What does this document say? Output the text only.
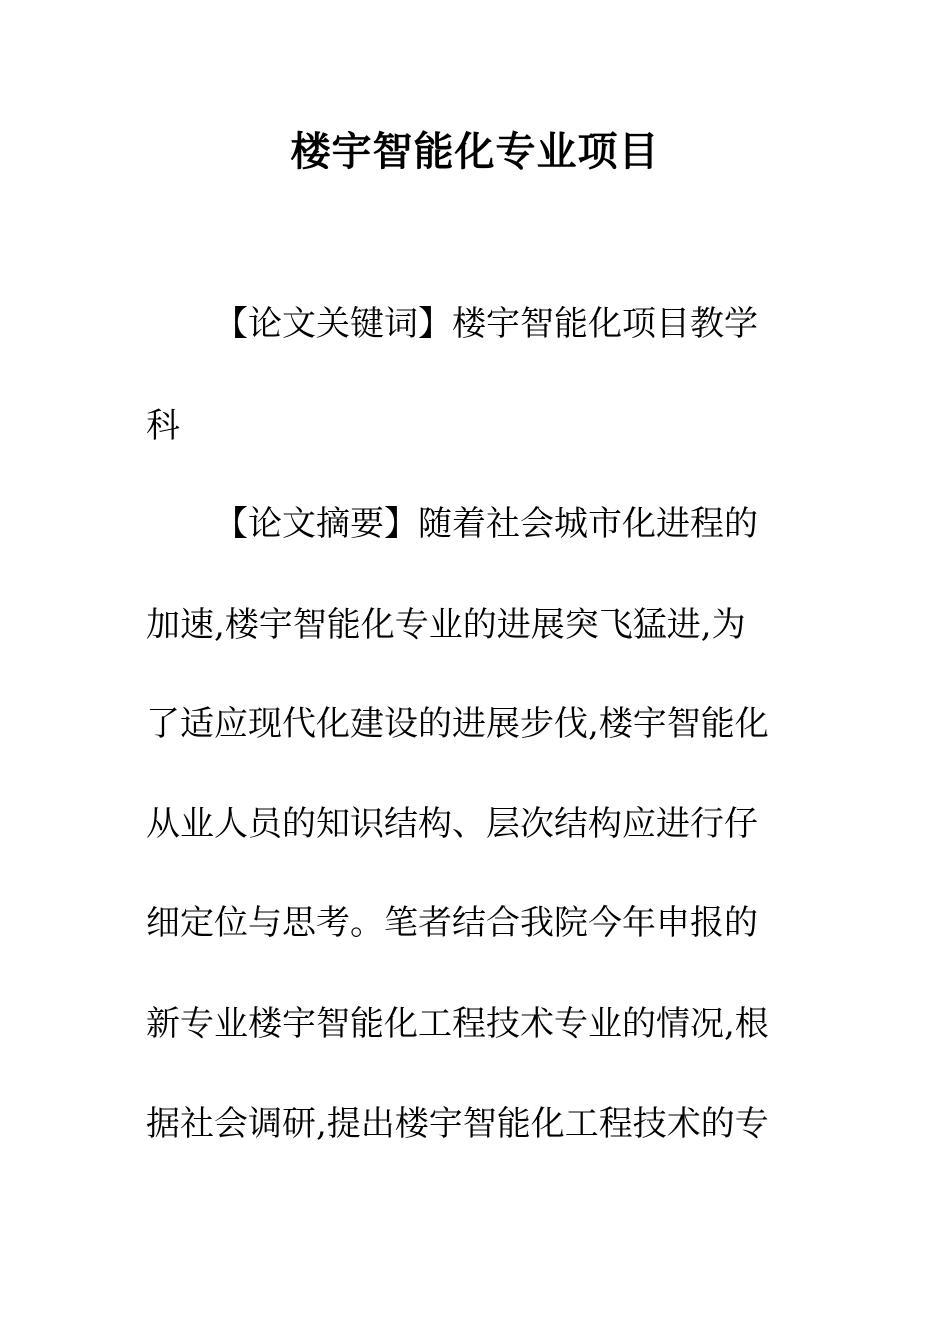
楼宇智能化专业项目

【论文关键词】楼宇智能化项目教学

科

【论文摘要】随着社会城市化进程的

加速,楼宇智能化专业的进展突飞猛进,为

了适应现代化建设的进展步伐,楼宇智能化

从业人员的知识结构、层次结构应进行仔

细定位与思考。笔者结合我院今年申报的

新专业楼宇智能化工程技术专业的情况,根

据社会调研,提出楼宇智能化工程技术的专
